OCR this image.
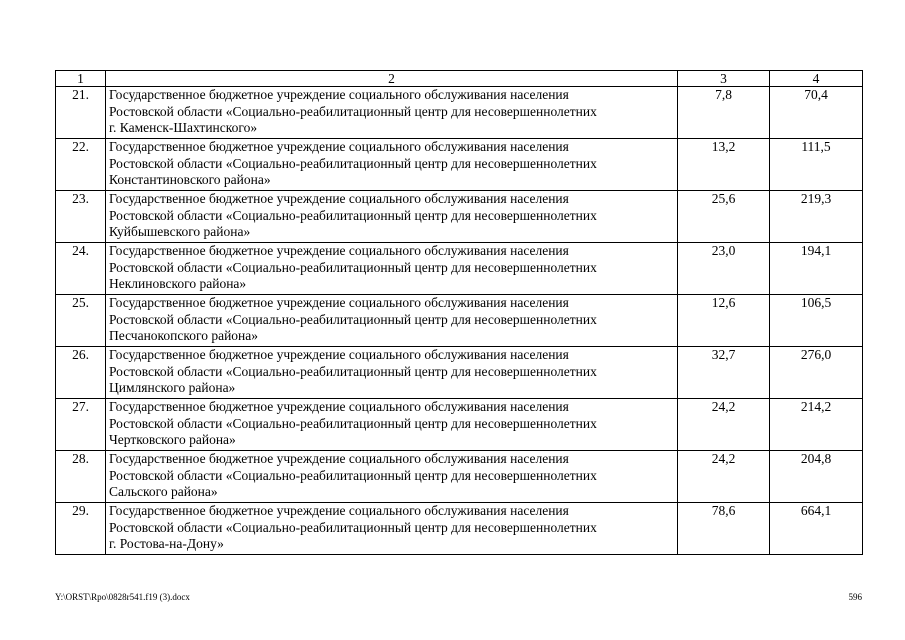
1	2	3	4
21.	Государственное бюджетное учреждение социального обслуживания населения
Ростовской области «Социально-реабилитационный центр для несовершеннолетних
г. Каменск-Шахтинского»	7,8	70,4
22.	Государственное бюджетное учреждение социального обслуживания населения
Ростовской области «Социально-реабилитационный центр для несовершеннолетних
Константиновского района»	13,2	111,5
23.	Государственное бюджетное учреждение социального обслуживания населения
Ростовской области «Социально-реабилитационный центр для несовершеннолетних
Куйбышевского района»	25,6	219,3
24.	Государственное бюджетное учреждение социального обслуживания населения
Ростовской области «Социально-реабилитационный центр для несовершеннолетних
Неклиновского района»	23,0	194,1
25.	Государственное бюджетное учреждение социального обслуживания населения
Ростовской области «Социально-реабилитационный центр для несовершеннолетних
Песчанокопского района»	12,6	106,5
26.	Государственное бюджетное учреждение социального обслуживания населения
Ростовской области «Социально-реабилитационный центр для несовершеннолетних
Цимлянского района»	32,7	276,0
27.	Государственное бюджетное учреждение социального обслуживания населения
Ростовской области «Социально-реабилитационный центр для несовершеннолетних
Чертковского района»	24,2	214,2
28.	Государственное бюджетное учреждение социального обслуживания населения
Ростовской области «Социально-реабилитационный центр для несовершеннолетних
Сальского района»	24,2	204,8
29.	Государственное бюджетное учреждение социального обслуживания населения
Ростовской области «Социально-реабилитационный центр для несовершеннолетних
г. Ростова-на-Дону»	78,6	664,1
Y:\ORST\Rpo\0828r541.f19 (3).docx	596
